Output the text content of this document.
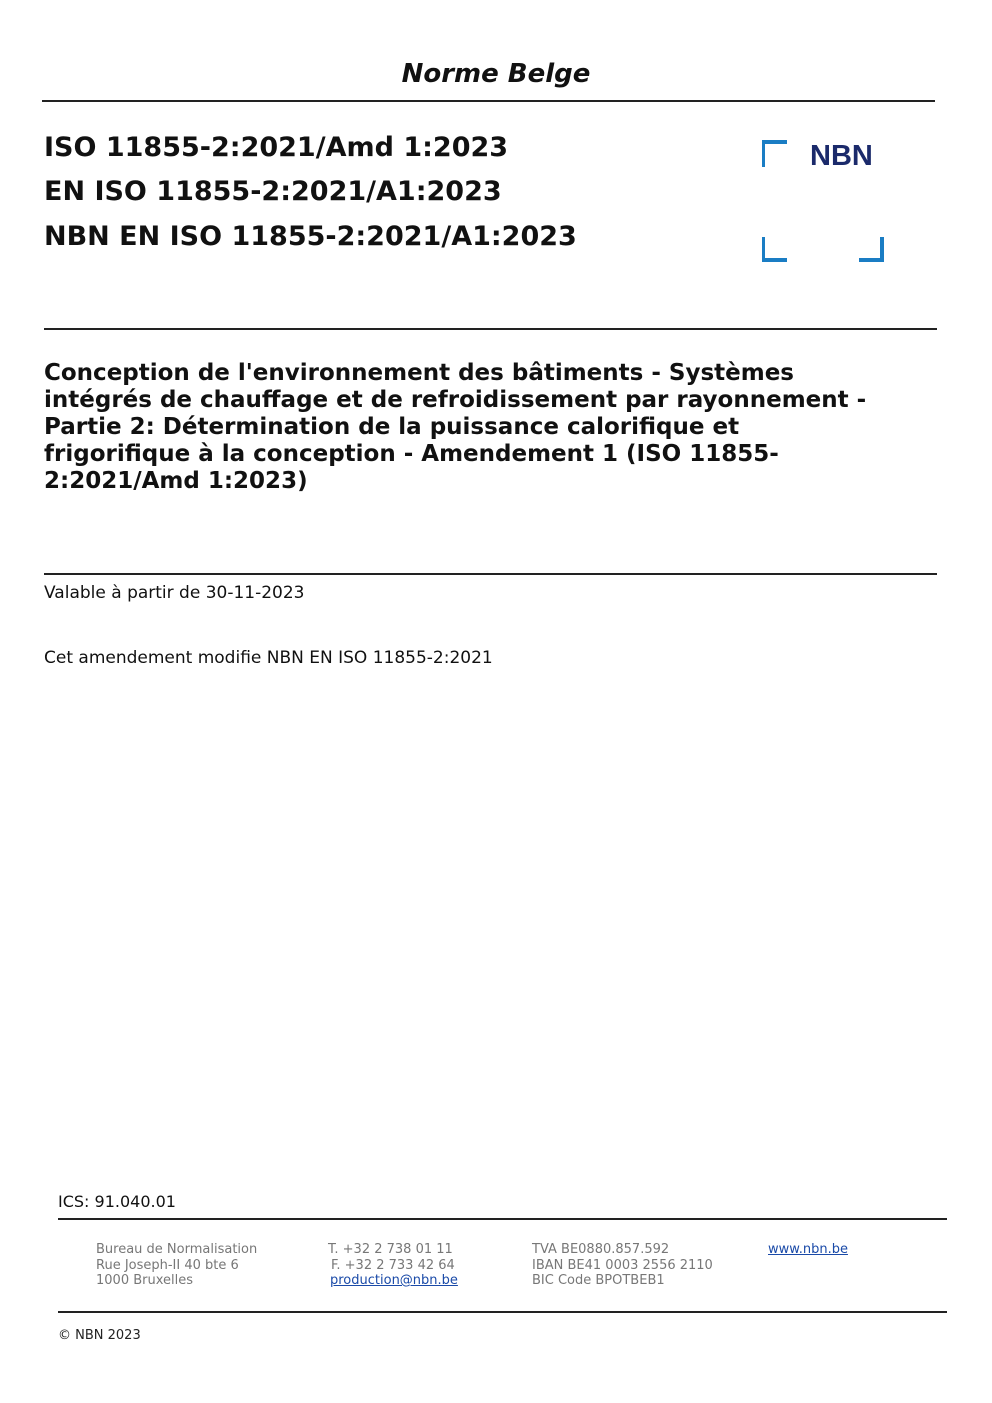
Norme Belge
ISO 11855-2:2021/Amd 1:2023
EN ISO 11855-2:2021/A1:2023
NBN EN ISO 11855-2:2021/A1:2023
NBN
Conception de l'environnement des bâtiments - Systèmes intégrés de chauffage et de refroidissement par rayonnement - Partie 2: Détermination de la puissance calorifique et frigorifique à la conception - Amendement 1 (ISO 11855-2:2021/Amd 1:2023)
Valable à partir de 30-11-2023
Cet amendement modifie NBN EN ISO 11855-2:2021
ICS: 91.040.01
Bureau de Normalisation
Rue Joseph-II 40 bte 6
1000 Bruxelles
T. +32 2 738 01 11
F. +32 2 733 42 64
production@nbn.be
TVA BE0880.857.592
IBAN BE41 0003 2556 2110
BIC Code BPOTBEB1
www.nbn.be
© NBN 2023
